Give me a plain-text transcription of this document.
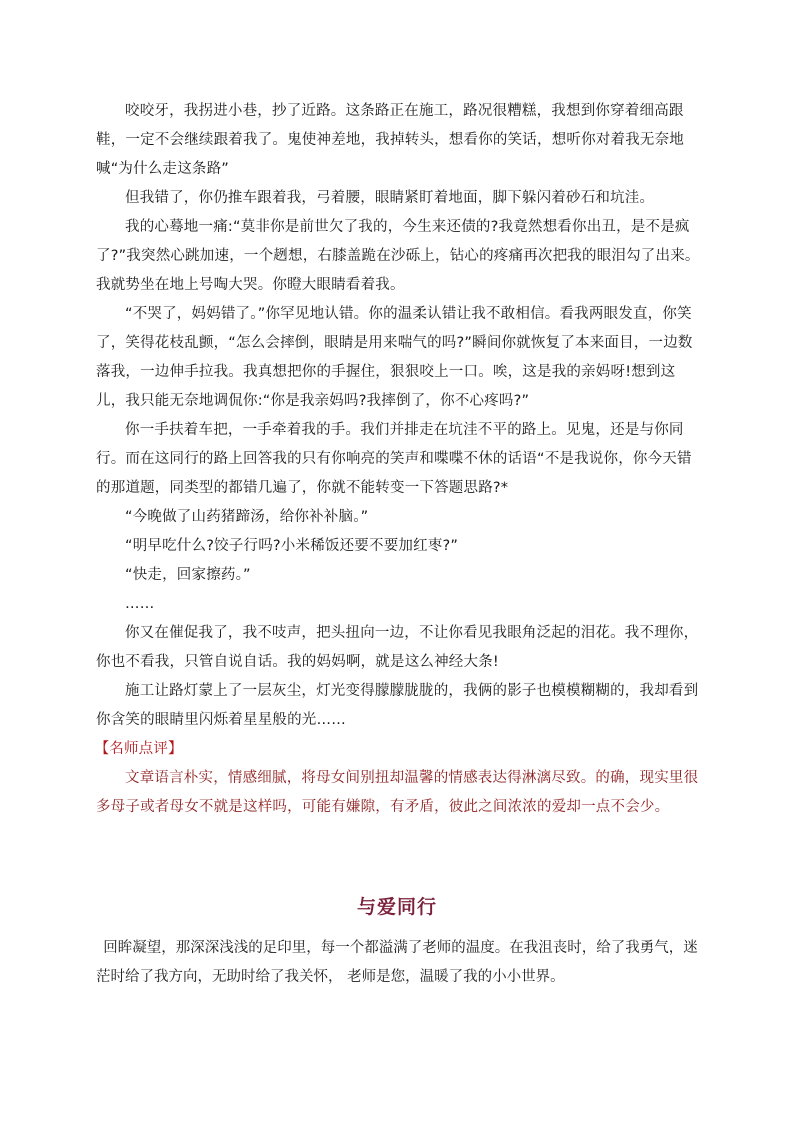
咬咬牙，我拐进小巷，抄了近路。这条路正在施工，路况很糟糕，我想到你穿着细高跟鞋，一定不会继续跟着我了。鬼使神差地，我掉转头，想看你的笑话，想听你对着我无奈地喊“为什么走这条路”

但我错了，你仍推车跟着我，弓着腰，眼睛紧盯着地面，脚下躲闪着砂石和坑洼。

我的心蓦地一痛:“莫非你是前世欠了我的，今生来还债的?我竟然想看你出丑，是不是疯了?”我突然心跳加速，一个趔想，右膝盖跪在沙砾上，钻心的疼痛再次把我的眼泪勾了出来。我就势坐在地上号啕大哭。你瞪大眼睛看着我。

“不哭了，妈妈错了。”你罕见地认错。你的温柔认错让我不敢相信。看我两眼发直，你笑了，笑得花枝乱颤，“怎么会摔倒，眼睛是用来喘气的吗?”瞬间你就恢复了本来面目，一边数落我，一边伸手拉我。我真想把你的手握住，狠狠咬上一口。唉，这是我的亲妈呀!想到这儿，我只能无奈地调侃你:“你是我亲妈吗?我摔倒了，你不心疼吗?”

你一手扶着车把，一手牵着我的手。我们并排走在坑洼不平的路上。见鬼，还是与你同行。而在这同行的路上回答我的只有你响亮的笑声和喋喋不休的话语“不是我说你，你今天错的那道题，同类型的都错几遍了，你就不能转变一下答题思路?*

“今晚做了山药猪蹄汤，给你补补脑。”

“明早吃什么?饺子行吗?小米稀饭还要不要加红枣?”

“快走，回家擦药。”

……

你又在催促我了，我不吱声，把头扭向一边，不让你看见我眼角泛起的泪花。我不理你，你也不看我，只管自说自话。我的妈妈啊，就是这么神经大条!

施工让路灯蒙上了一层灰尘，灯光变得朦朦胧胧的，我俩的影子也模模糊糊的，我却看到你含笑的眼睛里闪烁着星星般的光……

【名师点评】

文章语言朴实，情感细腻，将母女间别扭却温馨的情感表达得淋漓尽致。的确，现实里很多母子或者母女不就是这样吗，可能有嫌隙，有矛盾，彼此之间浓浓的爱却一点不会少。

与爱同行

回眸凝望，那深深浅浅的足印里，每一个都溢满了老师的温度。在我沮丧时，给了我勇气，迷茫时给了我方向，无助时给了我关怀， 老师是您，温暖了我的小小世界。
